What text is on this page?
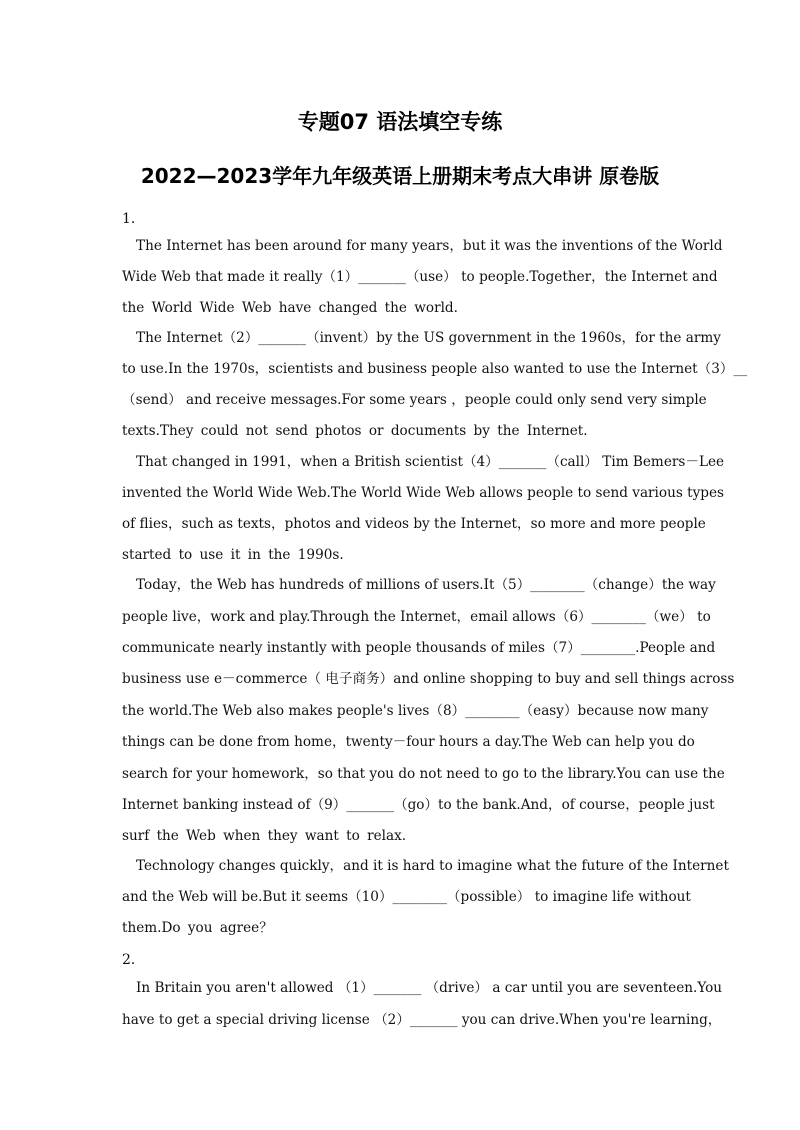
专题07 语法填空专练
2022—2023学年九年级英语上册期末考点大串讲 原卷版
1．
The Internet has been around for many years，but it was the inventions of the World
Wide Web that made it really（1）_______（use） to people.Together，the Internet and
the World Wide Web have changed the world.
The Internet（2）_______（invent）by the US government in the 1960s，for the army
to use.In the 1970s，scientists and business people also wanted to use the Internet（3）__
（send） and receive messages.For some years ，people could only send very simple
texts.They could not send photos or documents by the Internet.
That changed in 1991，when a British scientist（4）_______（call） Tim Bemers－Lee
invented the World Wide Web.The World Wide Web allows people to send various types
of flies，such as texts，photos and videos by the Internet，so more and more people
started to use it in the 1990s.
Today，the Web has hundreds of millions of users.It（5）________（change）the way
people live，work and play.Through the Internet，email allows（6）________（we） to
communicate nearly instantly with people thousands of miles（7）________.People and
business use e－commerce（ 电子商务）and online shopping to buy and sell things across
the world.The Web also makes people's lives（8）________（easy）because now many
things can be done from home，twenty－four hours a day.The Web can help you do
search for your homework，so that you do not need to go to the library.You can use the
Internet banking instead of（9）_______（go）to the bank.And，of course，people just
surf the Web when they want to relax.
Technology changes quickly，and it is hard to imagine what the future of the Internet
and the Web will be.But it seems（10）________（possible） to imagine life without
them.Do you agree？
2．
In Britain you aren't allowed （1）_______ （drive） a car until you are seventeen.You
have to get a special driving license （2）_______ you can drive.When you're learning，
